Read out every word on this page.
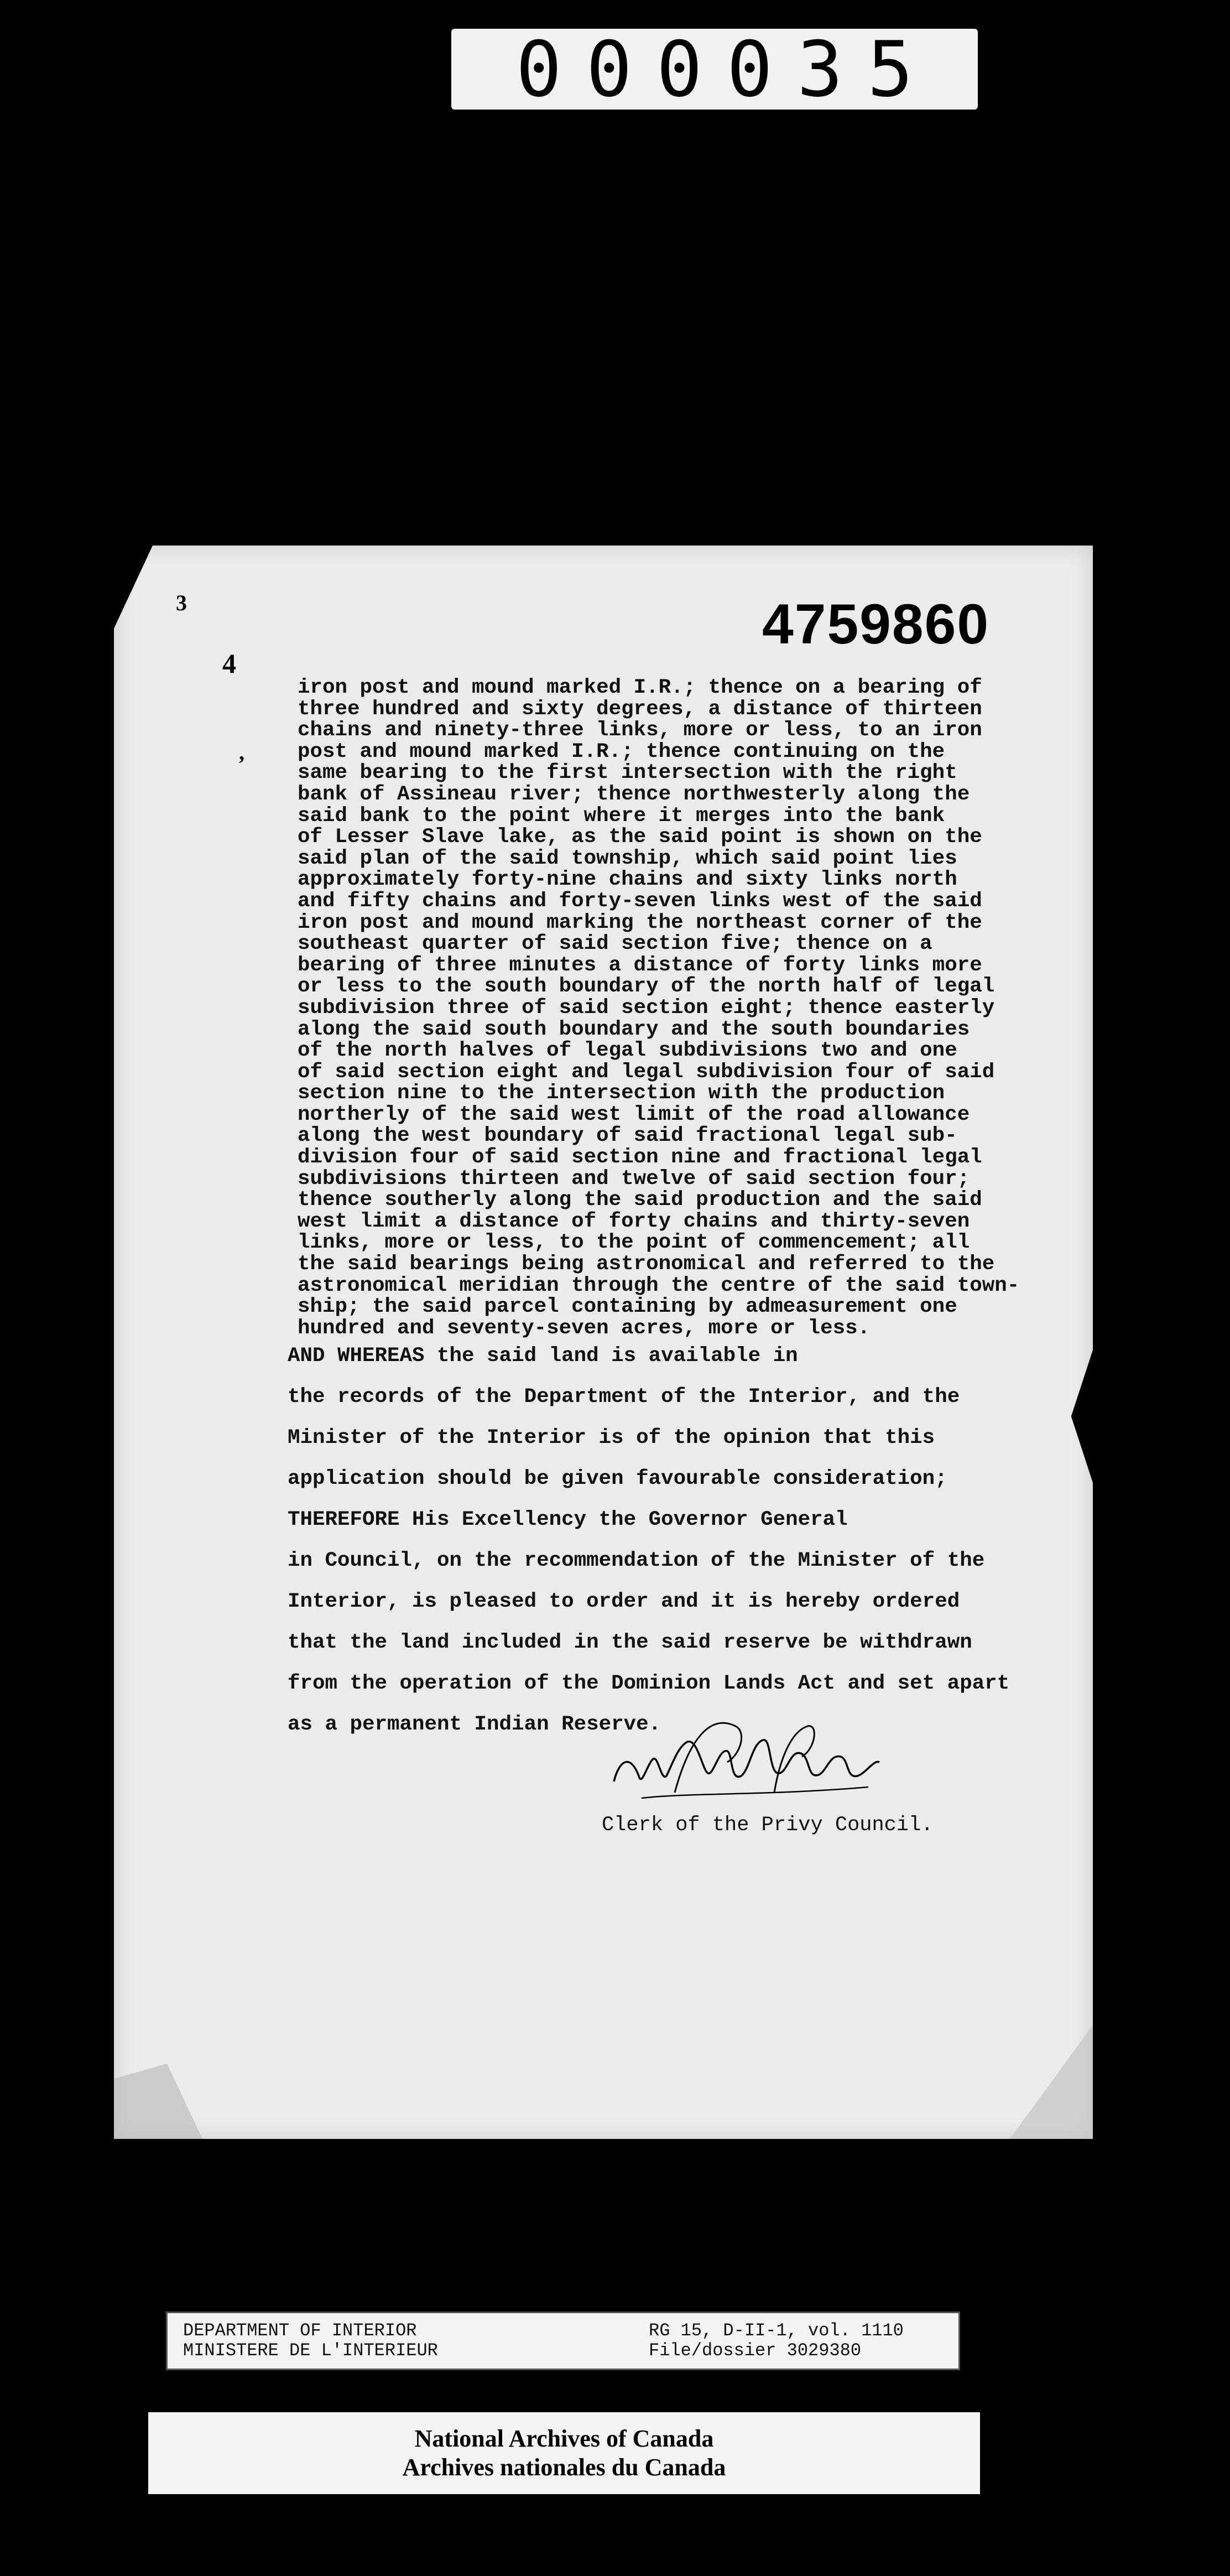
000035
4759860
3
4
,
iron post and mound marked I.R.; thence on a bearing of
three hundred and sixty degrees, a distance of thirteen
chains and ninety-three links, more or less, to an iron
post and mound marked I.R.; thence continuing on the
same bearing to the first intersection with the right
bank of Assineau river; thence northwesterly along the
said bank to the point where it merges into the bank
of Lesser Slave lake, as the said point is shown on the
said plan of the said township, which said point lies
approximately forty-nine chains and sixty links north
and fifty chains and forty-seven links west of the said
iron post and mound marking the northeast corner of the
southeast quarter of said section five; thence on a
bearing of three minutes a distance of forty links more
or less to the south boundary of the north half of legal
subdivision three of said section eight; thence easterly
along the said south boundary and the south boundaries
of the north halves of legal subdivisions two and one
of said section eight and legal subdivision four of said
section nine to the intersection with the production
northerly of the said west limit of the road allowance
along the west boundary of said fractional legal sub-
division four of said section nine and fractional legal
subdivisions thirteen and twelve of said section four;
thence southerly along the said production and the said
west limit a distance of forty chains and thirty-seven
links, more or less, to the point of commencement; all
the said bearings being astronomical and referred to the
astronomical meridian through the centre of the said town-
ship; the said parcel containing by admeasurement one
hundred and seventy-seven acres, more or less.
AND WHEREAS the said land is available in
the records of the Department of the Interior, and the
Minister of the Interior is of the opinion that this
application should be given favourable consideration;
THEREFORE His Excellency the Governor General
in Council, on the recommendation of the Minister of the
Interior, is pleased to order and it is hereby ordered
that the land included in the said reserve be withdrawn
from the operation of the Dominion Lands Act and set apart
as a permanent Indian Reserve.
Clerk of the Privy Council.
DEPARTMENT OF INTERIOR
MINISTERE DE L'INTERIEUR
RG 15, D-II-1, vol. 1110
File/dossier 3029380
National Archives of Canada
Archives nationales du Canada
